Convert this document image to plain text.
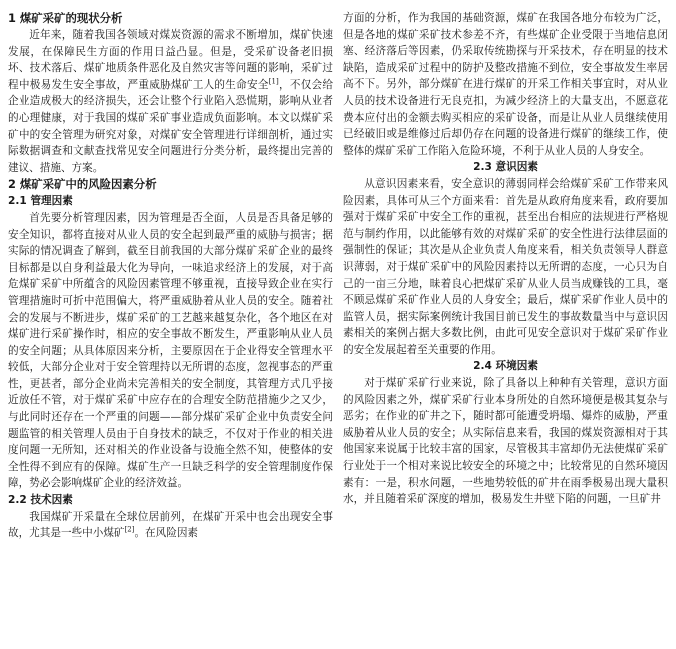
1 煤矿采矿的现状分析

近年来，随着我国各领域对煤炭资源的需求不断增加，煤矿快速发展，在保障民生方面的作用日益凸显。但是，受采矿设备老旧损坏、技术落后、煤矿地质条件恶化及自然灾害等问题的影响，采矿过程中极易发生安全事故，严重威胁煤矿工人的生命安全[1]，不仅会给企业造成极大的经济损失，还会让整个行业陷入恐慌期，影响从业者的心理健康，对于我国的煤矿采矿事业造成负面影响。本文以煤矿采矿中的安全管理为研究对象，对煤矿安全管理进行详细剖析，通过实际数据调查和文献查找常见安全问题进行分类分析，最终提出完善的建议、措施、方案。

2 煤矿采矿中的风险因素分析
2.1 管理因素

首先要分析管理因素，因为管理是否全面，人员是否具备足够的安全知识，都将直接对从业人员的安全起到最严重的威胁与损害；据实际的情况调查了解到，截至目前我国的大部分煤矿采矿企业的最终目标都是以自身利益最大化为导向，一味追求经济上的发展，对于高危煤矿采矿中所蕴含的风险因素管理不够重视，直接导致企业在实行管理措施时可折中范围偏大，将严重威胁着从业人员的安全。随着社会的发展与不断进步，煤矿采矿的工艺越来越复杂化，各个地区在对煤矿进行采矿操作时，相应的安全事故不断发生，严重影响从业人员的安全问题；从具体原因来分析，主要原因在于企业得安全管理水平较低，大部分企业对于安全管理持以无所谓的态度，忽视事态的严重性，更甚者，部分企业尚未完善相关的安全制度，其管理方式几乎接近放任不管，对于煤矿采矿中应存在的合理安全防范措施少之又少，与此同时还存在一个严重的问题——部分煤矿采矿企业中负责安全问题监管的相关管理人员由于自身技术的缺乏，不仅对于作业的相关进度问题一无所知，还对相关的作业设备与设施全然不知，使整体的安全性得不到应有的保障。煤矿生产一旦缺乏科学的安全管理制度作保障，势必会影响煤矿企业的经济效益。

2.2 技术因素

我国煤矿开采量在全球位居前列，在煤矿开采中也会出现安全事故，尤其是一些中小煤矿[2]。在风险因素

方面的分析，作为我国的基础资源，煤矿在我国各地分布较为广泛，但是各地的煤矿采矿技术参差不齐，有些煤矿企业受限于当地信息闭塞、经济落后等因素，仍采取传统勘探与开采技术，存在明显的技术缺陷，造成采矿过程中的防护及整改措施不到位，安全事故发生率居高不下。另外，部分煤矿在进行煤矿的开采工作相关事宜时，对从业人员的技术设备进行无良克扣，为减少经济上的大量支出，不愿意花费本应付出的金额去购买相应的采矿设备，而是让从业人员继续使用已经破旧或是维修过后却仍存在问题的设备进行煤矿的继续工作，使整体的煤矿采矿工作陷入危险环境，不利于从业人员的人身安全。

2.3 意识因素

从意识因素来看，安全意识的薄弱同样会给煤矿采矿工作带来风险因素，具体可从三个方面来看：首先是从政府角度来看，政府要加强对于煤矿采矿中安全工作的重视，甚至出台相应的法规进行严格规范与制约作用，以此能够有效的对煤矿采矿的安全性进行法律层面的强制性的保证；其次是从企业负责人角度来看，相关负责领导人群意识薄弱，对于煤矿采矿中的风险因素持以无所谓的态度，一心只为自己的一亩三分地，昧着良心把煤矿采矿从业人员当成赚钱的工具，毫不顾忌煤矿采矿作业人员的人身安全；最后，煤矿采矿作业人员中的监管人员，据实际案例统计我国目前已发生的事故数量当中与意识因素相关的案例占据大多数比例，由此可见安全意识对于煤矿采矿作业的安全发展起着至关重要的作用。

2.4 环境因素

对于煤矿采矿行业来说，除了具备以上种种有关管理，意识方面的风险因素之外，煤矿采矿行业本身所处的自然环境便是极其复杂与恶劣；在作业的矿井之下，随时都可能遭受坍塌、爆炸的威胁，严重威胁着从业人员的安全；从实际信息来看，我国的煤炭资源相对于其他国家来说属于比较丰富的国家，尽管极其丰富却仍无法使煤矿采矿行业处于一个相对来说比较安全的环境之中；比较常见的自然环境因素有：一是，积水问题，一些地势较低的矿井在雨季极易出现大量积水，并且随着采矿深度的增加，极易发生井壁下陷的问题，一旦矿井
